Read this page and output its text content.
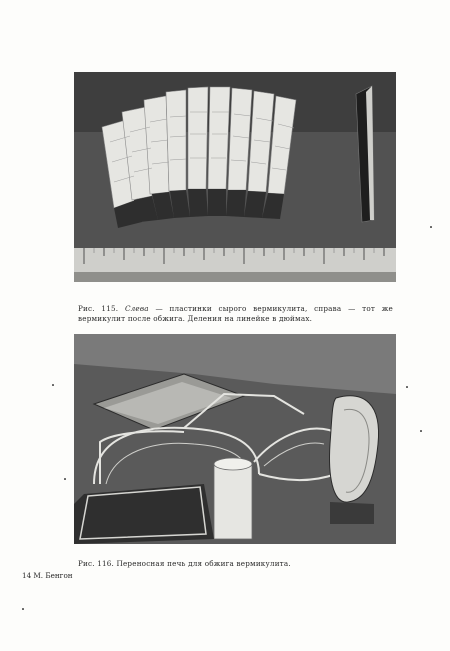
Рис. 115. Слева — пластинки сырого вермикулита, справа — тот же вермикулит после обжига. Деления на линейке в дюймах.

Рис. 116. Переносная печь для обжига вермикулита.

14 М. Бенгон
